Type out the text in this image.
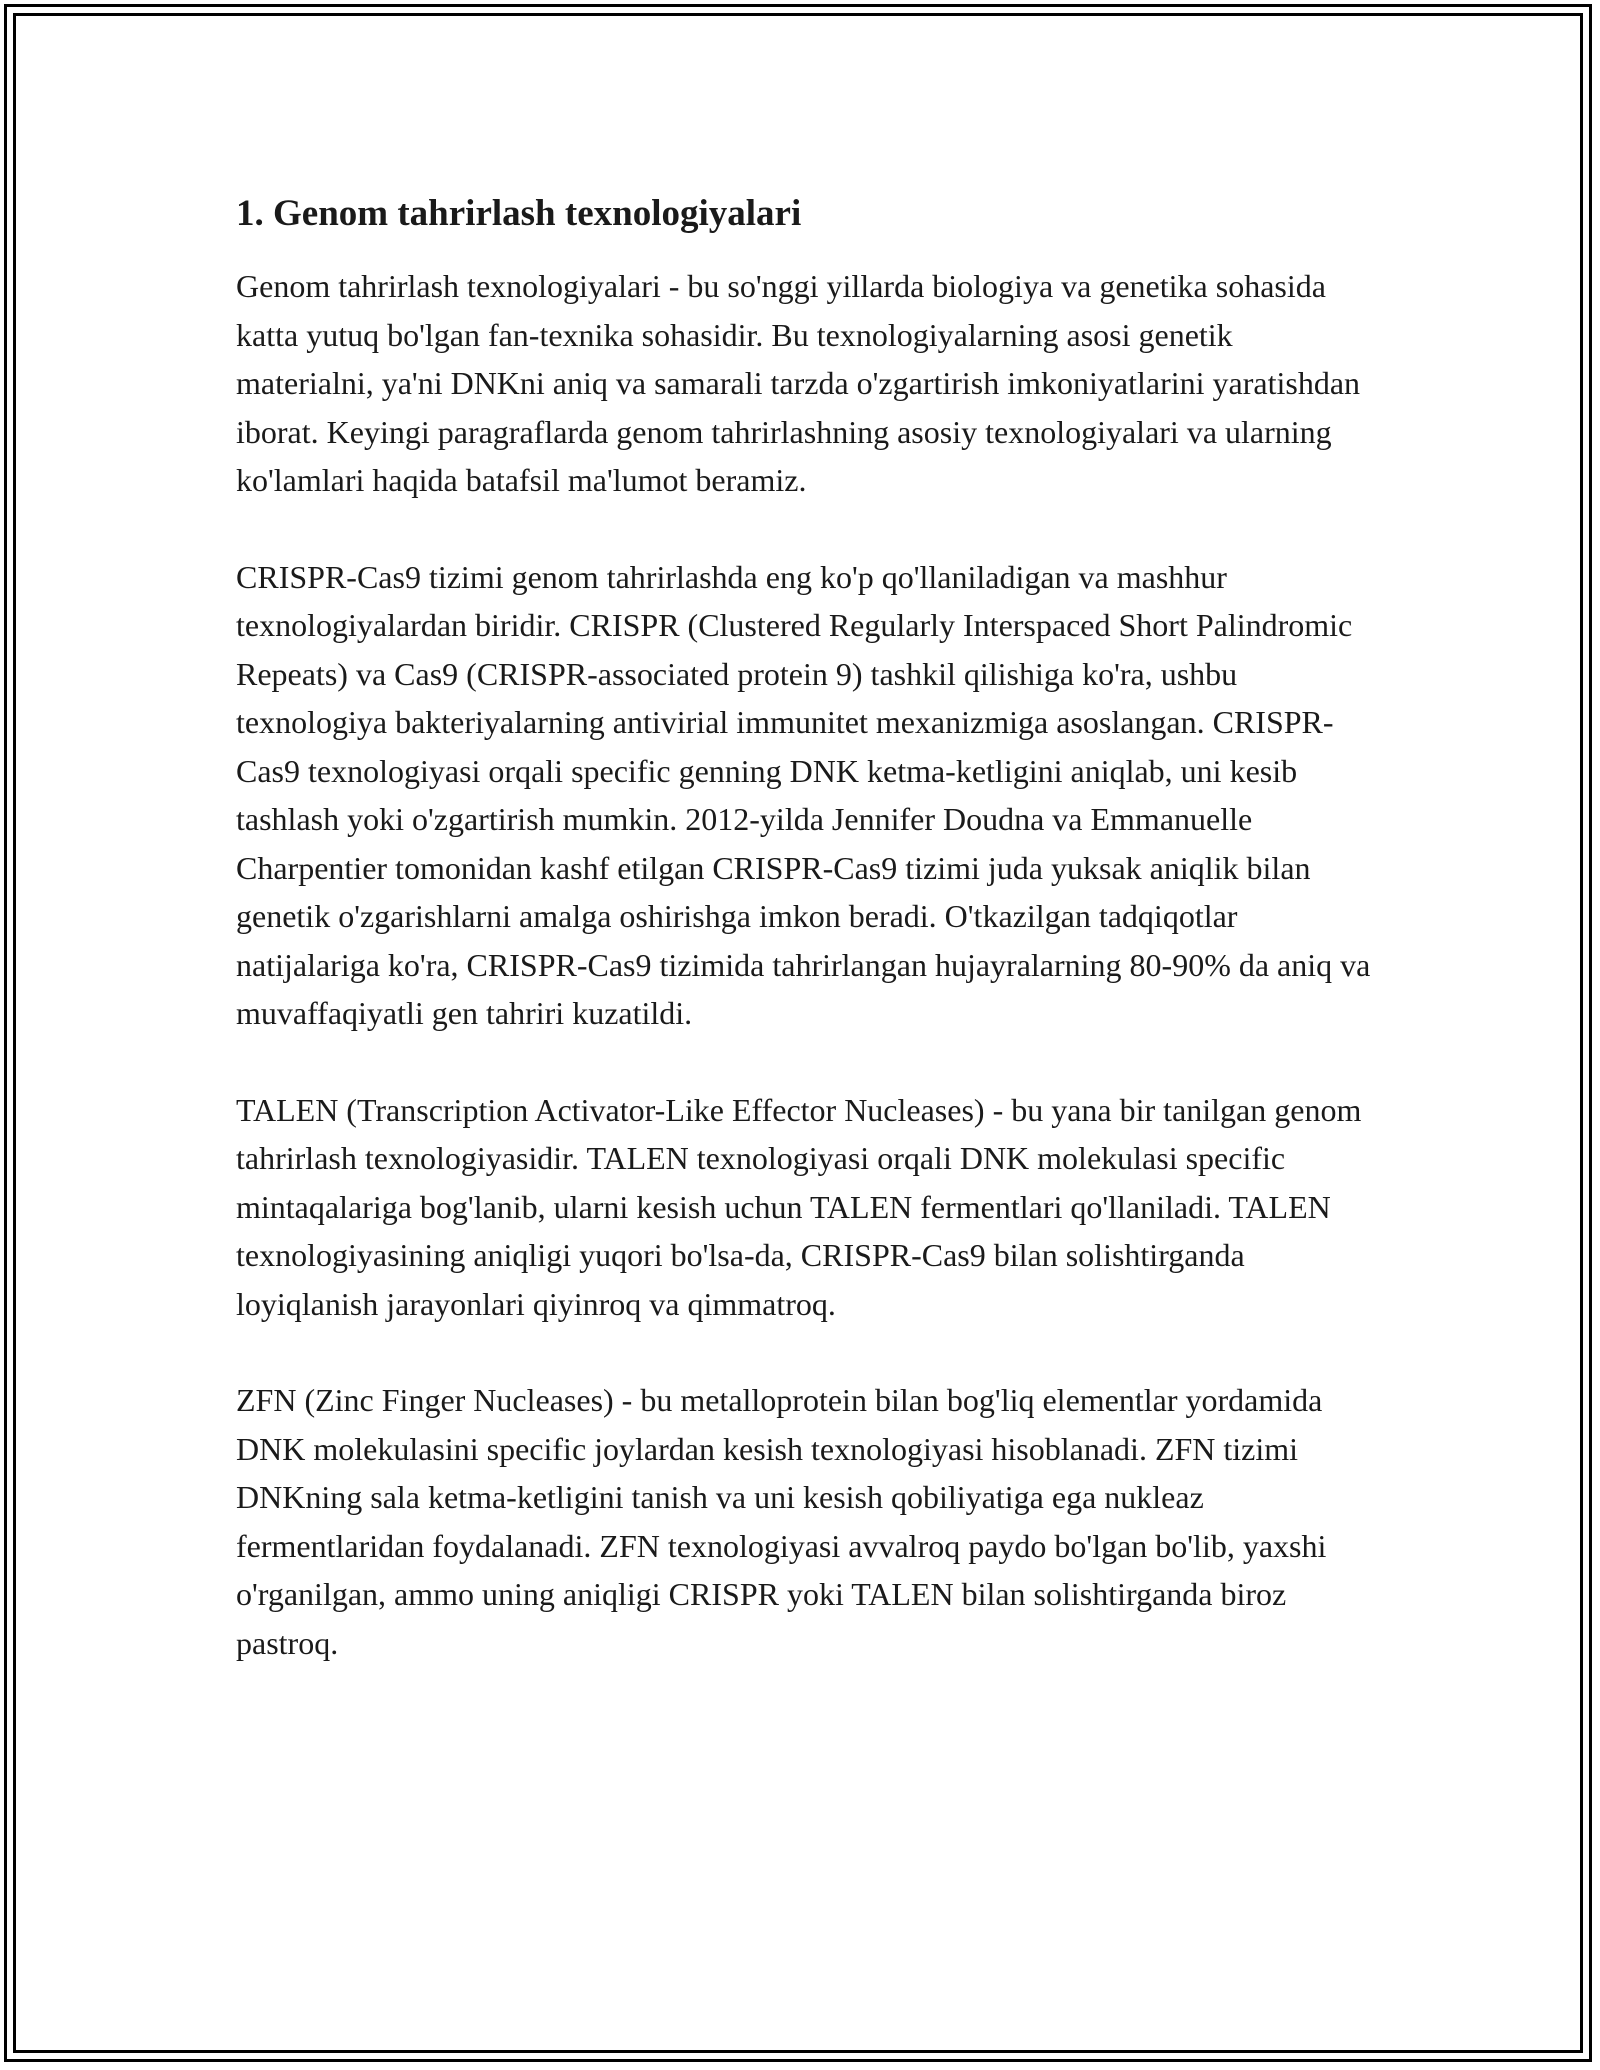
1. Genom tahrirlash texnologiyalari

Genom tahrirlash texnologiyalari - bu so'nggi yillarda biologiya va genetika sohasida katta yutuq bo'lgan fan-texnika sohasidir. Bu texnologiyalarning asosi genetik materialni, ya'ni DNKni aniq va samarali tarzda o'zgartirish imkoniyatlarini yaratishdan iborat. Keyingi paragraflarda genom tahrirlashning asosiy texnologiyalari va ularning ko'lamlari haqida batafsil ma'lumot beramiz.

CRISPR-Cas9 tizimi genom tahrirlashda eng ko'p qo'llaniladigan va mashhur texnologiyalardan biridir. CRISPR (Clustered Regularly Interspaced Short Palindromic Repeats) va Cas9 (CRISPR-associated protein 9) tashkil qilishiga ko'ra, ushbu texnologiya bakteriyalarning antivirial immunitet mexanizmiga asoslangan. CRISPR-Cas9 texnologiyasi orqali specific genning DNK ketma-ketligini aniqlab, uni kesib tashlash yoki o'zgartirish mumkin. 2012-yilda Jennifer Doudna va Emmanuelle Charpentier tomonidan kashf etilgan CRISPR-Cas9 tizimi juda yuksak aniqlik bilan genetik o'zgarishlarni amalga oshirishga imkon beradi. O'tkazilgan tadqiqotlar natijalariga ko'ra, CRISPR-Cas9 tizimida tahrirlangan hujayralarning 80-90% da aniq va muvaffaqiyatli gen tahriri kuzatildi.

TALEN (Transcription Activator-Like Effector Nucleases) - bu yana bir tanilgan genom tahrirlash texnologiyasidir. TALEN texnologiyasi orqali DNK molekulasi specific mintaqalariga bog'lanib, ularni kesish uchun TALEN fermentlari qo'llaniladi. TALEN texnologiyasining aniqligi yuqori bo'lsa-da, CRISPR-Cas9 bilan solishtirganda loyiqlanish jarayonlari qiyinroq va qimmatroq.

ZFN (Zinc Finger Nucleases) - bu metalloprotein bilan bog'liq elementlar yordamida DNK molekulasini specific joylardan kesish texnologiyasi hisoblanadi. ZFN tizimi DNKning sala ketma-ketligini tanish va uni kesish qobiliyatiga ega nukleaz fermentlaridan foydalanadi. ZFN texnologiyasi avvalroq paydo bo'lgan bo'lib, yaxshi o'rganilgan, ammo uning aniqligi CRISPR yoki TALEN bilan solishtirganda biroz pastroq.
